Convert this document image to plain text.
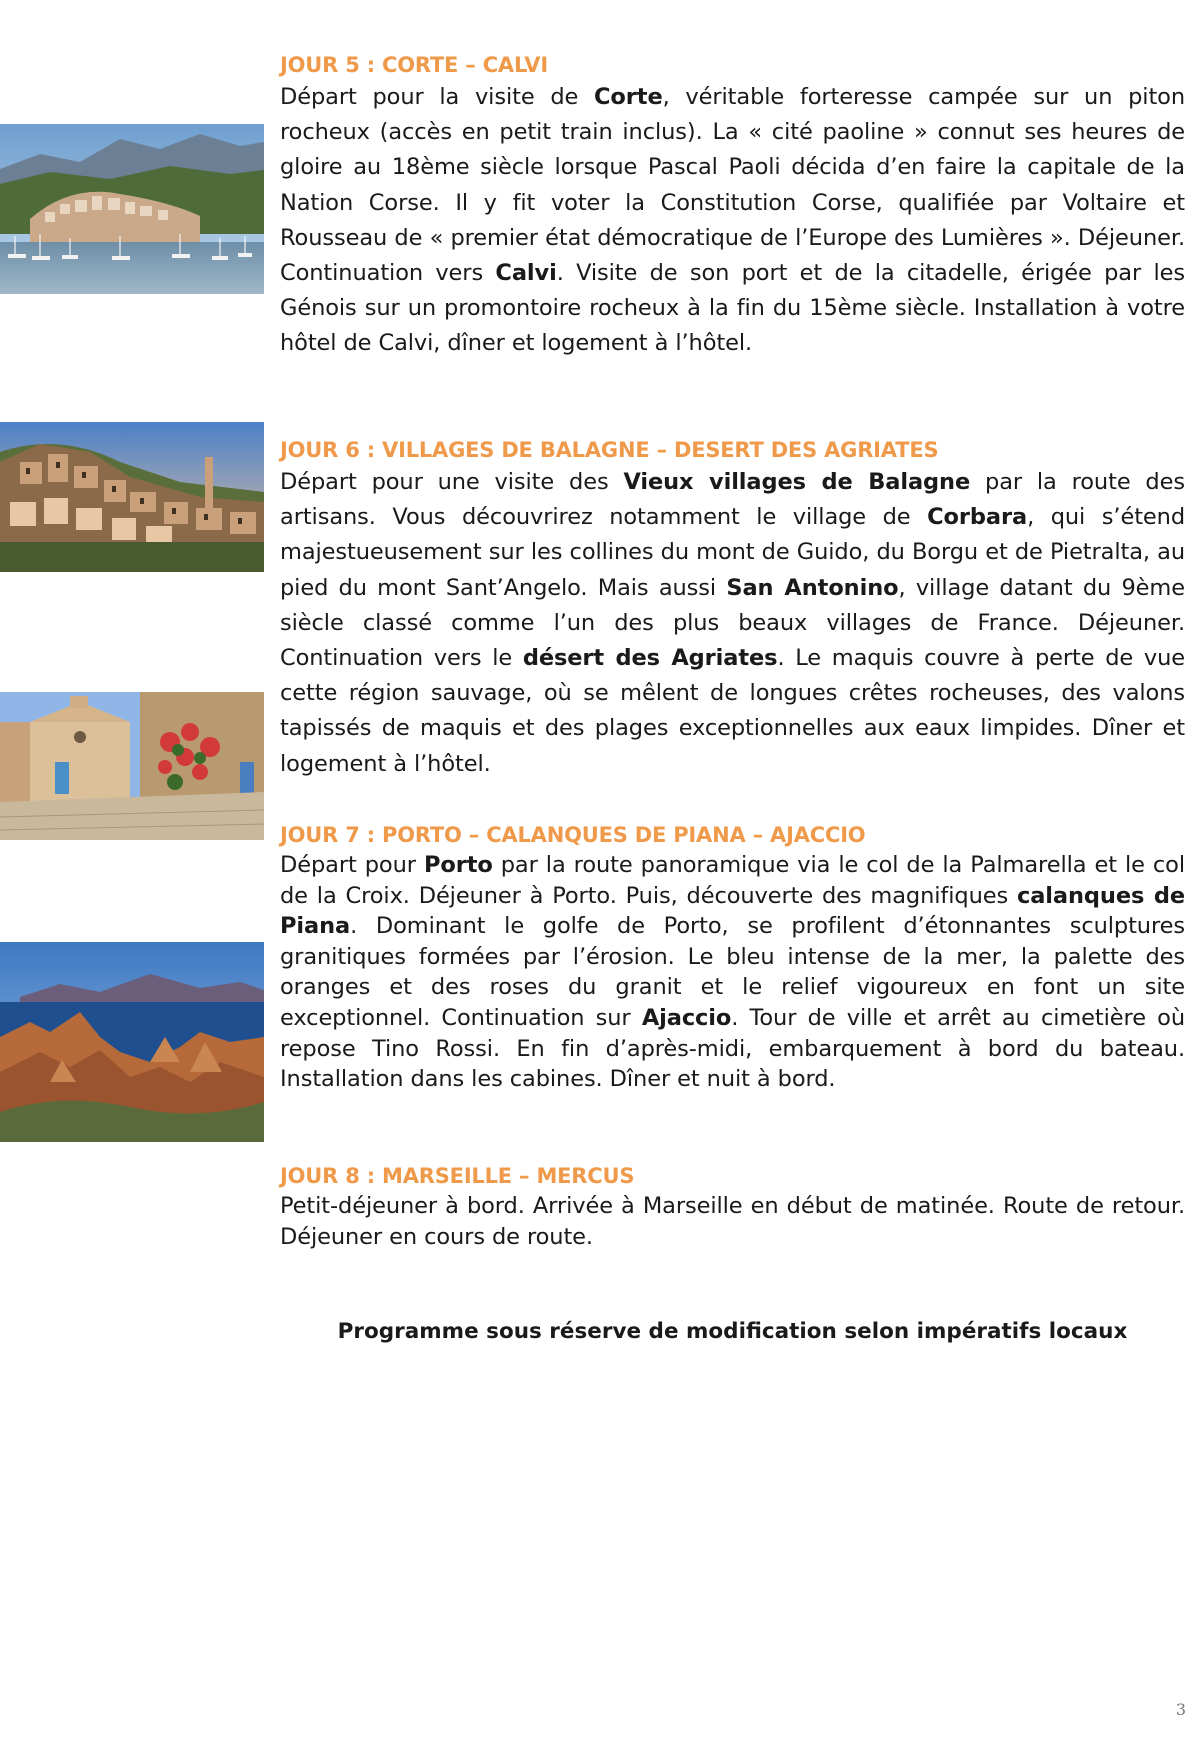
JOUR 5 : CORTE – CALVI
Départ pour la visite de Corte, véritable forteresse campée sur un piton rocheux (accès en petit train inclus). La « cité paoline » connut ses heures de gloire au 18ème siècle lorsque Pascal Paoli décida d’en faire la capitale de la Nation Corse. Il y fit voter la Constitution Corse, qualifiée par Voltaire et Rousseau de « premier état démocratique de l’Europe des Lumières ». Déjeuner. Continuation vers Calvi. Visite de son port et de la citadelle, érigée par les Génois sur un promontoire rocheux à la fin du 15ème siècle. Installation à votre hôtel de Calvi, dîner et logement à l’hôtel.
JOUR 6 : VILLAGES DE BALAGNE – DESERT DES AGRIATES
Départ pour une visite des Vieux villages de Balagne par la route des artisans. Vous découvrirez notamment le village de Corbara, qui s’étend majestueusement sur les collines du mont de Guido, du Borgu et de Pietralta, au pied du mont Sant’Angelo. Mais aussi San Antonino, village datant du 9ème siècle classé comme l’un des plus beaux villages de France. Déjeuner. Continuation vers le désert des Agriates. Le maquis couvre à perte de vue cette région sauvage, où se mêlent de longues crêtes rocheuses, des valons tapissés de maquis et des plages exceptionnelles aux eaux limpides. Dîner et logement à l’hôtel.
JOUR 7 : PORTO – CALANQUES DE PIANA – AJACCIO
Départ pour Porto par la route panoramique via le col de la Palmarella et le col de la Croix. Déjeuner à Porto. Puis, découverte des magnifiques calanques de Piana. Dominant le golfe de Porto, se profilent d’étonnantes sculptures granitiques formées par l’érosion. Le bleu intense de la mer, la palette des oranges et des roses du granit et le relief vigoureux en font un site exceptionnel. Continuation sur Ajaccio. Tour de ville et arrêt au cimetière où repose Tino Rossi. En fin d’après-midi, embarquement à bord du bateau. Installation dans les cabines. Dîner et nuit à bord.
JOUR 8 : MARSEILLE – MERCUS
Petit-déjeuner à bord. Arrivée à Marseille en début de matinée. Route de retour. Déjeuner en cours de route.
Programme sous réserve de modification selon impératifs locaux
3
